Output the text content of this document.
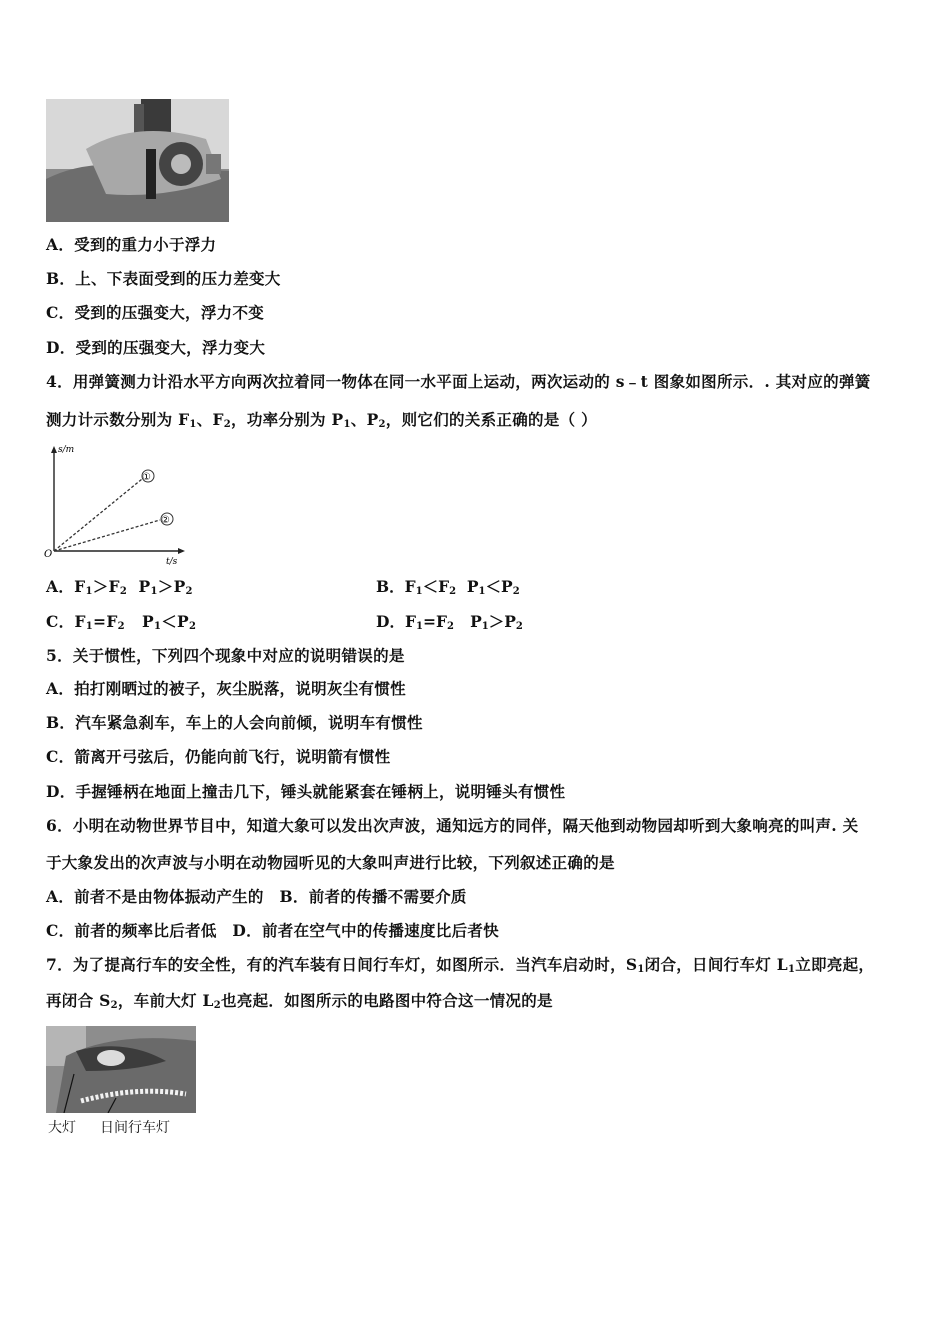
A．受到的重力小于浮力
B．上、下表面受到的压力差变大
C．受到的压强变大，浮力不变
D．受到的压强变大，浮力变大
4．用弹簧测力计沿水平方向两次拉着同一物体在同一水平面上运动，两次运动的 s﹣t 图象如图所示．. 其对应的弹簧
测力计示数分别为 $F_1$、$F_2$，功率分别为 $P_1$、$P_2$，则它们的关系正确的是（ ）
①
②
s/m
t/s
O
A．$F_1>F_2$ $P_1>P_2$	B．$F_1<F_2$ $P_1<P_2$
C．$F_1=F_2$ $P_1<P_2$	D．$F_1=F_2$ $P_1>P_2$
5．关于惯性，下列四个现象中对应的说明错误的是
A．拍打刚晒过的被子，灰尘脱落，说明灰尘有惯性
B．汽车紧急刹车，车上的人会向前倾，说明车有惯性
C．箭离开弓弦后，仍能向前飞行，说明箭有惯性
D．手握锤柄在地面上撞击几下，锤头就能紧套在锤柄上，说明锤头有惯性
6．小明在动物世界节目中，知道大象可以发出次声波，通知远方的同伴，隔天他到动物园却听到大象响亮的叫声. 关
于大象发出的次声波与小明在动物园听见的大象叫声进行比较，下列叙述正确的是
A．前者不是由物体振动产生的　B．前者的传播不需要介质
C．前者的频率比后者低　D．前者在空气中的传播速度比后者快
7．为了提高行车的安全性，有的汽车装有日间行车灯，如图所示．当汽车启动时，$S_1$闭合，日间行车灯 $L_1$立即亮起，
再闭合 $S_2$，车前大灯 $L_2$也亮起．如图所示的电路图中符合这一情况的是
大灯 日间行车灯
